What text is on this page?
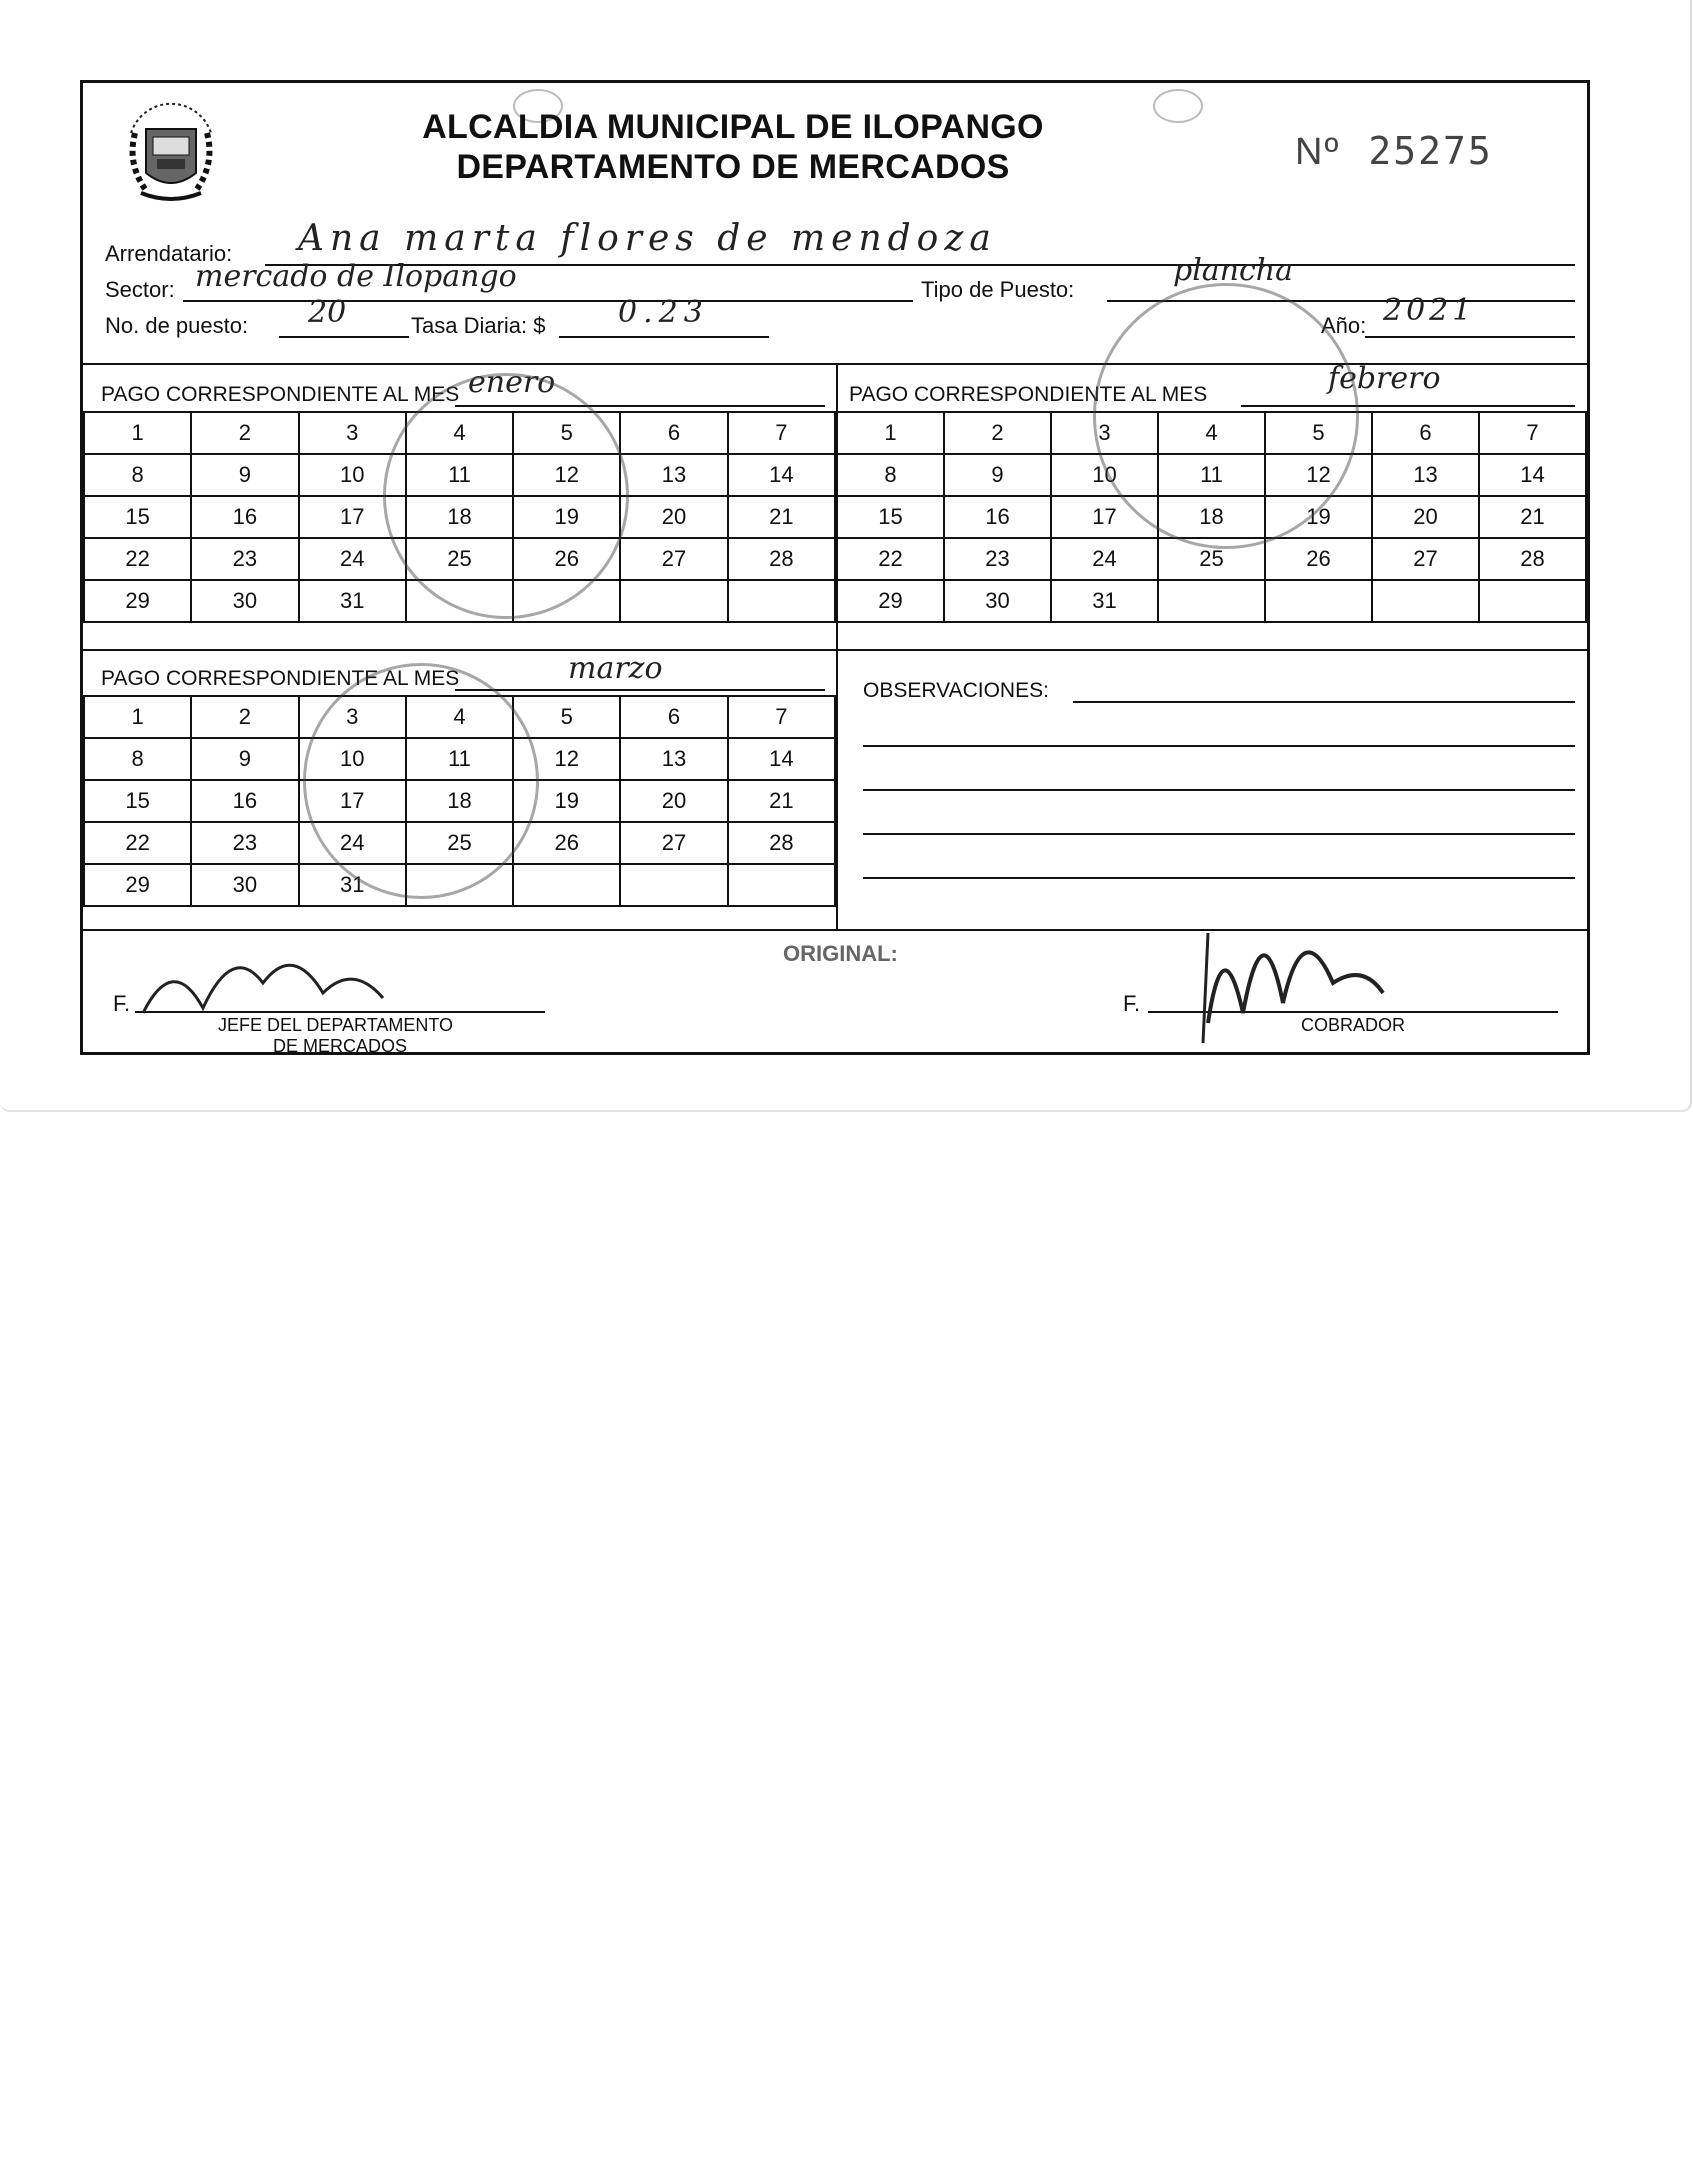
ALCALDIA MUNICIPAL DE ILOPANGO
DEPARTAMENTO DE MERCADOS	Nº 25275
Arrendatario: Ana marta flores de mendoza
Sector: mercado de Ilopango	Tipo de Puesto:
plancha
No. de puesto: 20	Tasa Diaria: $ 0.23	Año: 2021
PAGO CORRESPONDIENTE AL MES enero
1	2	3	4	5	6	7
8	9	10	11	12	13	14
15	16	17	18	19	20	21
22	23	24	25	26	27	28
29	30	31				
PAGO CORRESPONDIENTE AL MES	febrero
1	2	3	4	5	6	7
8	9	10	11	12	13	14
15	16	17	18	19	20	21
22	23	24	25	26	27	28
29	30	31				
PAGO CORRESPONDIENTE AL MES	marzo
1	2	3	4	5	6	7
8	9	10	11	12	13	14
15	16	17	18	19	20	21
22	23	24	25	26	27	28
29	30	31				
OBSERVACIONES:
ORIGINAL:
F.
JEFE DEL DEPARTAMENTO
DE MERCADOS
F.
COBRADOR
